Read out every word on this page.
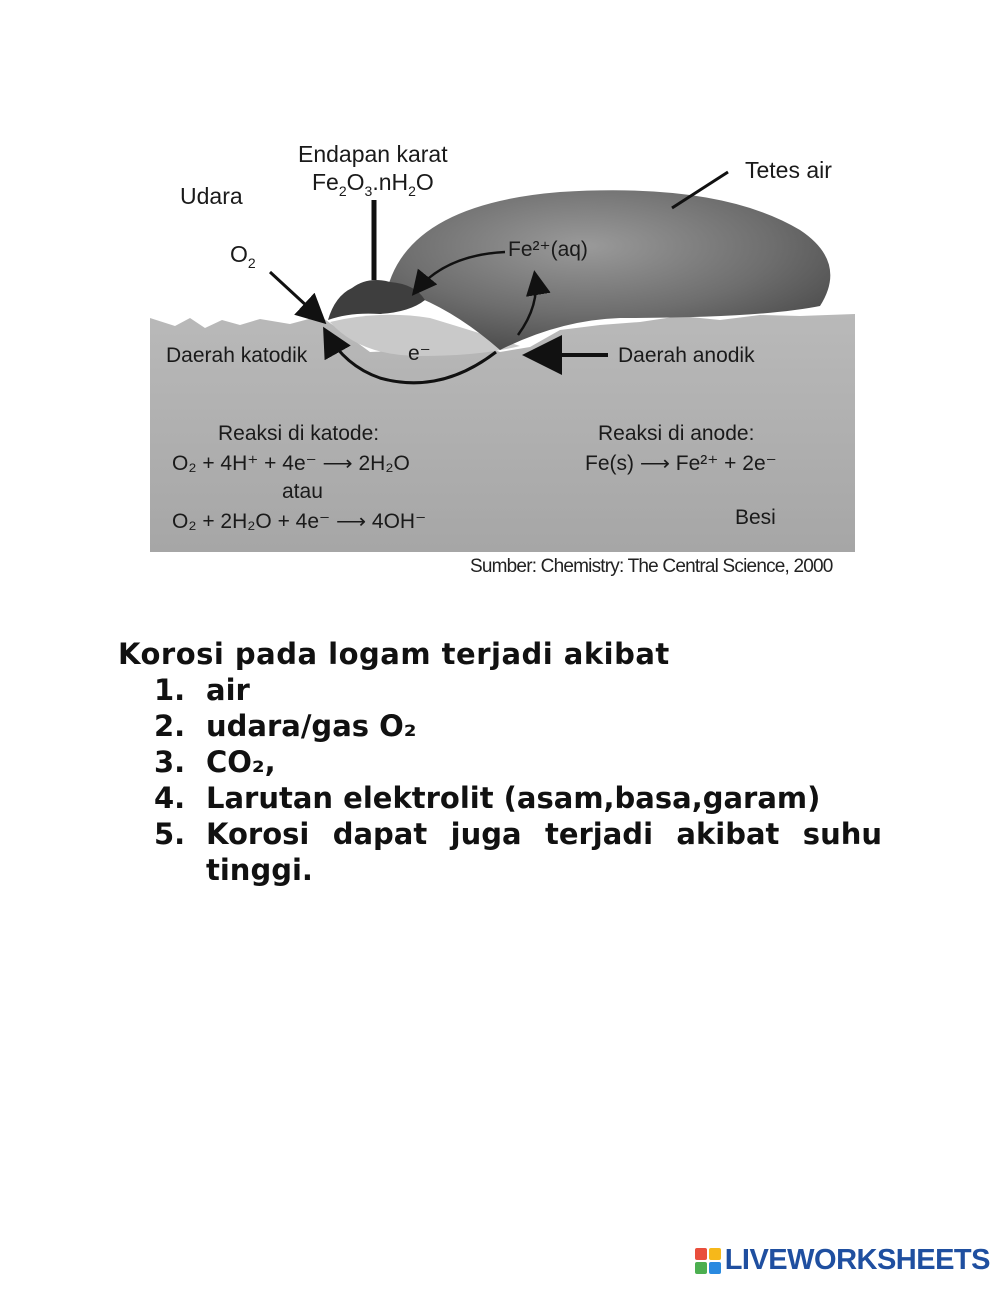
Endapan karat
$Fe_2O_3.nH_2O$	Tetes air
Udara
$O_2$
Fe²⁺(aq)
Daerah katodik	e⁻	Daerah anodik
Reaksi di katode:
O₂ + 4H⁺ + 4e⁻ ⟶ 2H₂O
atau
O₂ + 2H₂O + 4e⁻ ⟶ 4OH⁻
Reaksi di anode:
Fe(s) ⟶ Fe²⁺ + 2e⁻
Besi
Sumber: Chemistry: The Central Science, 2000

Korosi pada logam terjadi akibat

1. air
2. udara/gas O₂
3. CO₂,
4. Larutan elektrolit (asam,basa,garam)
5. Korosi dapat juga terjadi akibat suhu tinggi.
LIVEWORKSHEETS
